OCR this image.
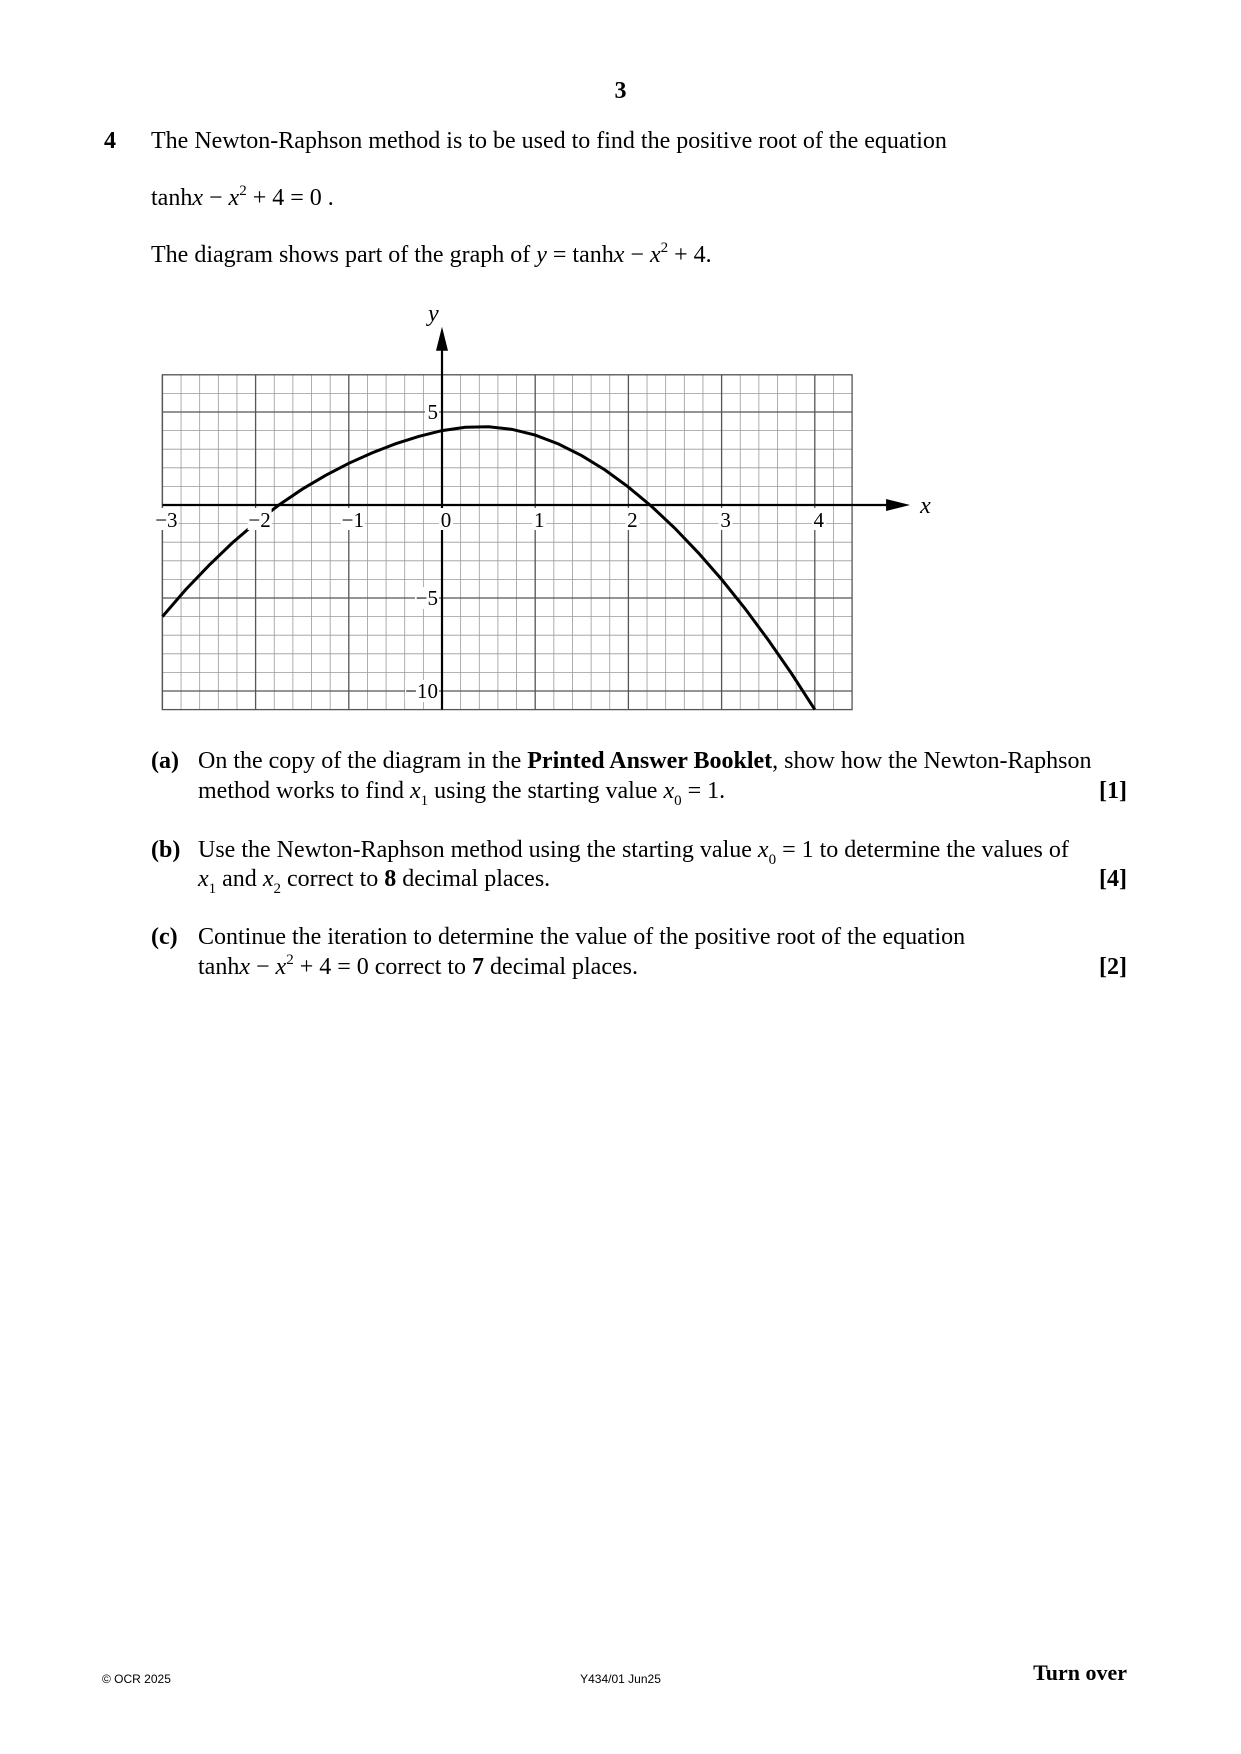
3
4 The Newton-Raphson method is to be used to find the positive root of the equation
$\tanh x - x^2 + 4 = 0$ .
The diagram shows part of the graph of $y = \tanh x - x^2 + 4$.
x
y
−3	−2	−1	0	1	2	3	4
5
−5
−10
(a) On the copy of the diagram in the Printed Answer Booklet, show how the Newton-Raphson
method works to find $x_1$ using the starting value $x_0 = 1$.	[1]
(b) Use the Newton-Raphson method using the starting value $x_0 = 1$ to determine the values of
$x_1$ and $x_2$ correct to 8 decimal places.	[4]
(c) Continue the iteration to determine the value of the positive root of the equation
$\tanh x - x^2 + 4 = 0$ correct to 7 decimal places.	[2]
© OCR 2025	Y434/01 Jun25	Turn over
